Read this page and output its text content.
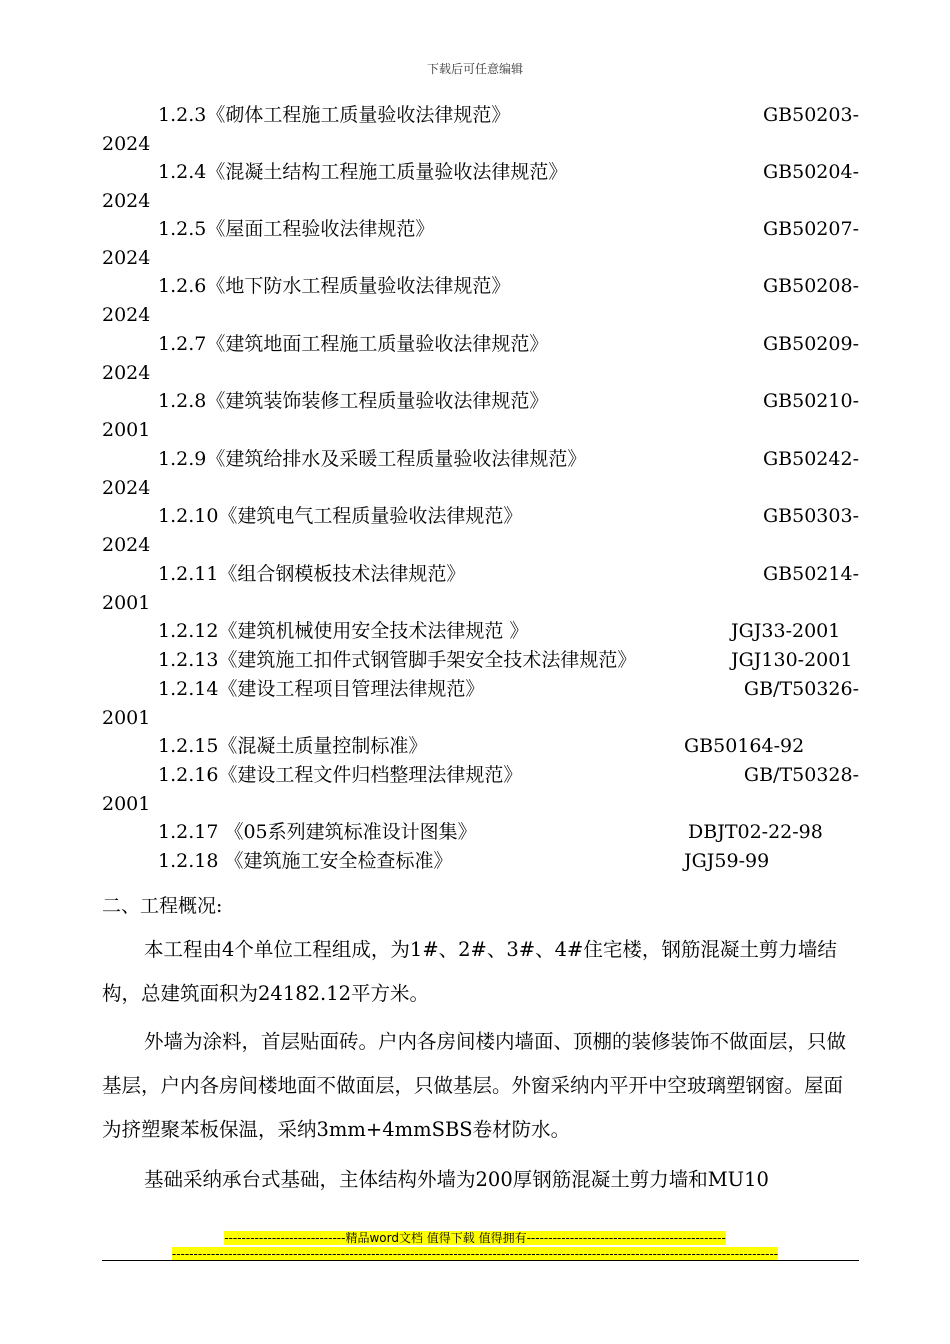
下载后可任意编辑
1.2.3《砌体工程施工质量验收法律规范》	GB50203-
2024
1.2.4《混凝土结构工程施工质量验收法律规范》	GB50204-
2024
1.2.5《屋面工程验收法律规范》	GB50207-
2024
1.2.6《地下防水工程质量验收法律规范》	GB50208-
2024
1.2.7《建筑地面工程施工质量验收法律规范》	GB50209-
2024
1.2.8《建筑装饰装修工程质量验收法律规范》	GB50210-
2001
1.2.9《建筑给排水及采暖工程质量验收法律规范》	GB50242-
2024
1.2.10《建筑电气工程质量验收法律规范》	GB50303-
2024
1.2.11《组合钢模板技术法律规范》	GB50214-
2001
1.2.12《建筑机械使用安全技术法律规范 》	JGJ33-2001
1.2.13《建筑施工扣件式钢管脚手架安全技术法律规范》	JGJ130-2001
1.2.14《建设工程项目管理法律规范》	GB/T50326-
2001
1.2.15《混凝土质量控制标准》	GB50164-92
1.2.16《建设工程文件归档整理法律规范》	GB/T50328-
2001
1.2.17 《05系列建筑标准设计图集》	DBJT02-22-98
1.2.18 《建筑施工安全检查标准》	JGJ59-99
二、工程概况:
本工程由4个单位工程组成，为1#、2#、3#、4#住宅楼，钢筋混凝土剪力墙结构，总建筑面积为24182.12平方米。
外墙为涂料，首层贴面砖。户内各房间楼内墙面、顶棚的装修装饰不做面层，只做基层，户内各房间楼地面不做面层，只做基层。外窗采纳内平开中空玻璃塑钢窗。屋面为挤塑聚苯板保温，采纳3mm+4mmSBS卷材防水。
基础采纳承台式基础，主体结构外墙为200厚钢筋混凝土剪力墙和MU10
----------------------------精品word文档 值得下载 值得拥有----------------------------------------------
--------------------------------------------------------------------------------------------------------------------------------------------
